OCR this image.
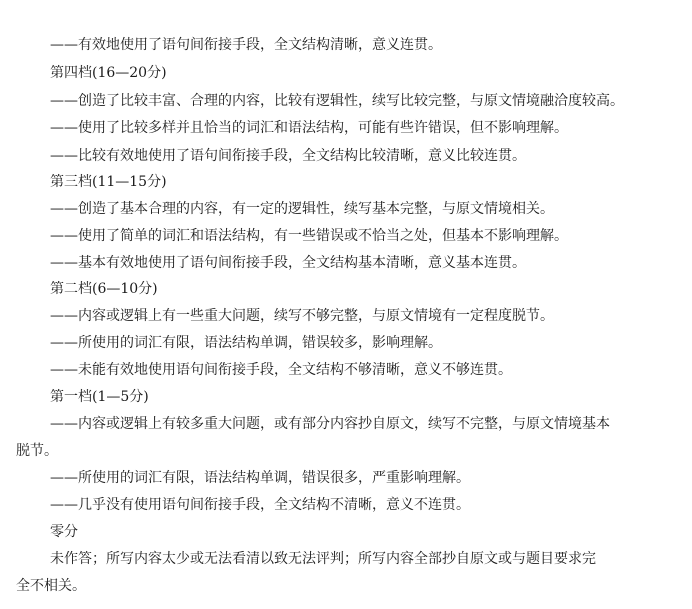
——有效地使用了语句间衔接手段，全文结构清晰，意义连贯。
第四档(16—20分)
——创造了比较丰富、合理的内容，比较有逻辑性，续写比较完整，与原文情境融洽度较高。
——使用了比较多样并且恰当的词汇和语法结构，可能有些许错误，但不影响理解。
——比较有效地使用了语句间衔接手段，全文结构比较清晰，意义比较连贯。
第三档(11—15分)
——创造了基本合理的内容，有一定的逻辑性，续写基本完整，与原文情境相关。
——使用了简单的词汇和语法结构，有一些错误或不恰当之处，但基本不影响理解。
——基本有效地使用了语句间衔接手段，全文结构基本清晰，意义基本连贯。
第二档(6—10分)
——内容或逻辑上有一些重大问题，续写不够完整，与原文情境有一定程度脱节。
——所使用的词汇有限，语法结构单调，错误较多，影响理解。
——未能有效地使用语句间衔接手段，全文结构不够清晰，意义不够连贯。
第一档(1—5分)
——内容或逻辑上有较多重大问题，或有部分内容抄自原文，续写不完整，与原文情境基本
脱节。
——所使用的词汇有限，语法结构单调，错误很多，严重影响理解。
——几乎没有使用语句间衔接手段，全文结构不清晰，意义不连贯。
零分
未作答；所写内容太少或无法看清以致无法评判；所写内容全部抄自原文或与题目要求完
全不相关。
